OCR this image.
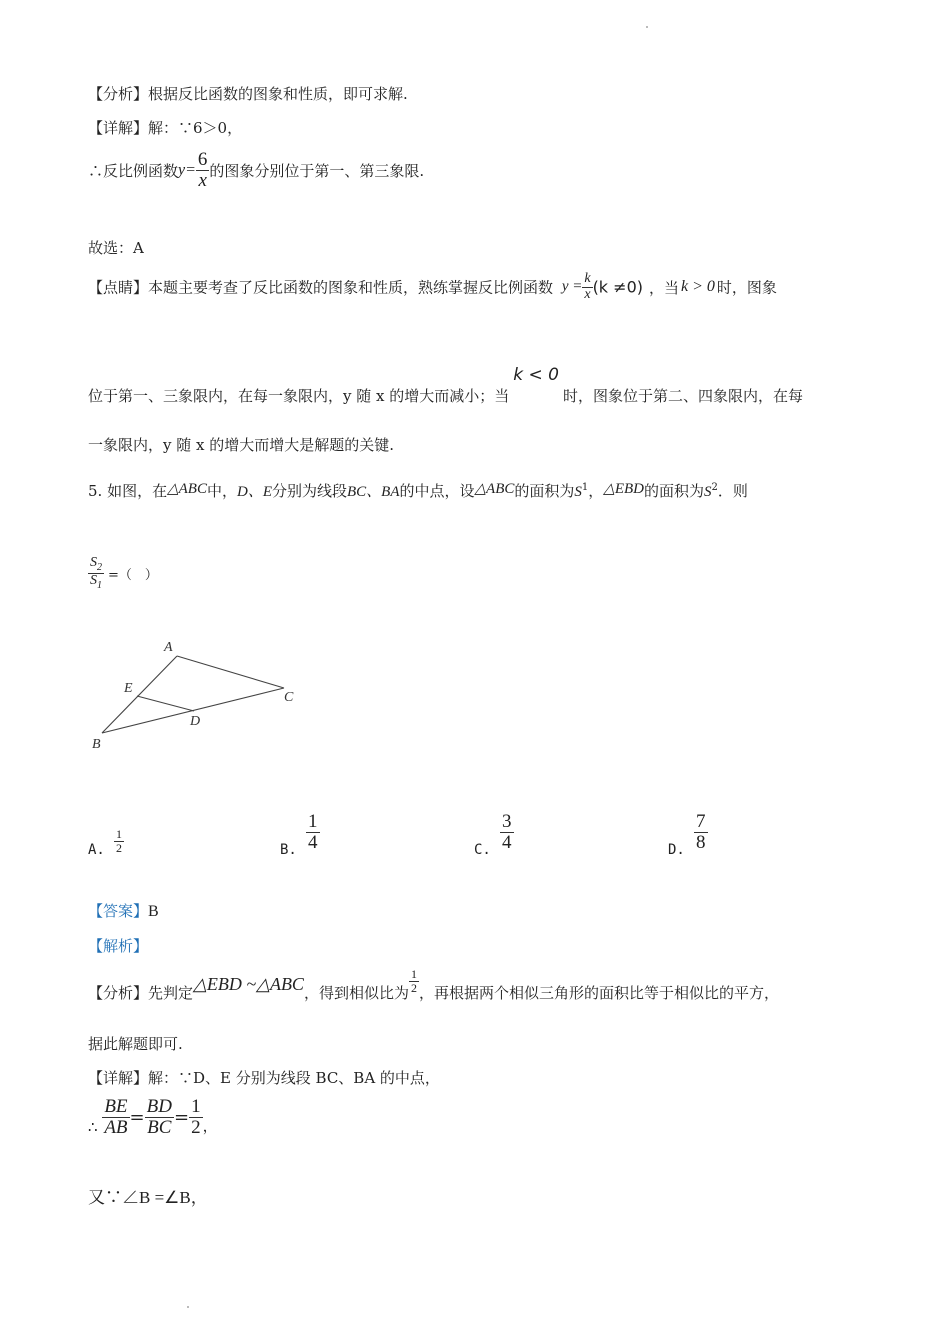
【分析】根据反比函数的图象和性质，即可求解.
【详解】解：∵6＞0，
∴反比例函数$y= \frac{6}{x}$ 的图象分别位于第一、第三象限.
故选：A
【点睛】本题主要考查了反比函数的图象和性质，熟练掌握反比例函数 $y = \frac{k}{x} (k \ne 0)$ ，当 k > 0 时，图象
位于第一、三象限内，在每一象限内，y 随 x 的增大而减小；当k < 0时，图象位于第二、四象限内，在每
一象限内，y 随 x 的增大而增大是解题的关键.
5. 如图，在△ABC中，D、E分别为线段BC、BA的中点，设△ABC的面积为$S^1$，△EBD的面积为$S^2$．则
$\frac{S_2}{S_1}$ =（　）
A
E
C
D
B
A. $\frac{1}{2}$	B. $\frac{1}{4}$	C. $\frac{3}{4}$	D. $\frac{7}{8}$
【答案】B
【解析】
【分析】先判定△EBD ~△ABC，得到相似比为 $\frac{1}{2}$ ，再根据两个相似三角形的面积比等于相似比的平方，
据此解题即可.
【详解】解：∵D、E 分别为线段 BC、BA 的中点，
∴ $\frac{BE}{AB} = \frac{BD}{BC} = \frac{1}{2}$ ，
又∵∠B =∠B，
